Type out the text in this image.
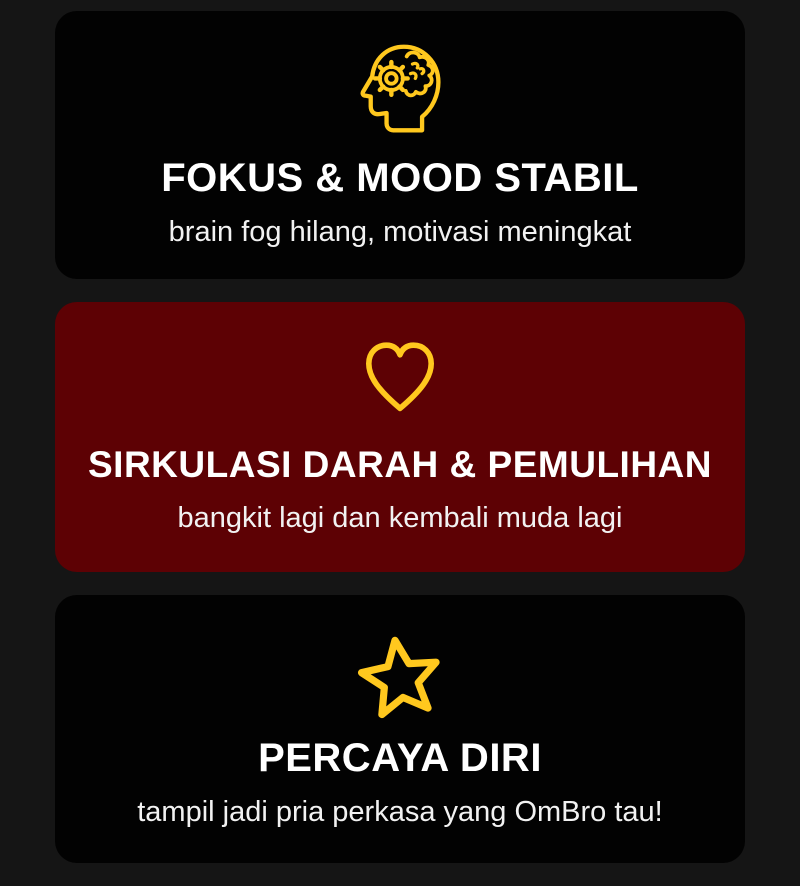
FOKUS & MOOD STABIL

brain fog hilang, motivasi meningkat

SIRKULASI DARAH & PEMULIHAN

bangkit lagi dan kembali muda lagi

PERCAYA DIRI

tampil jadi pria perkasa yang OmBro tau!
